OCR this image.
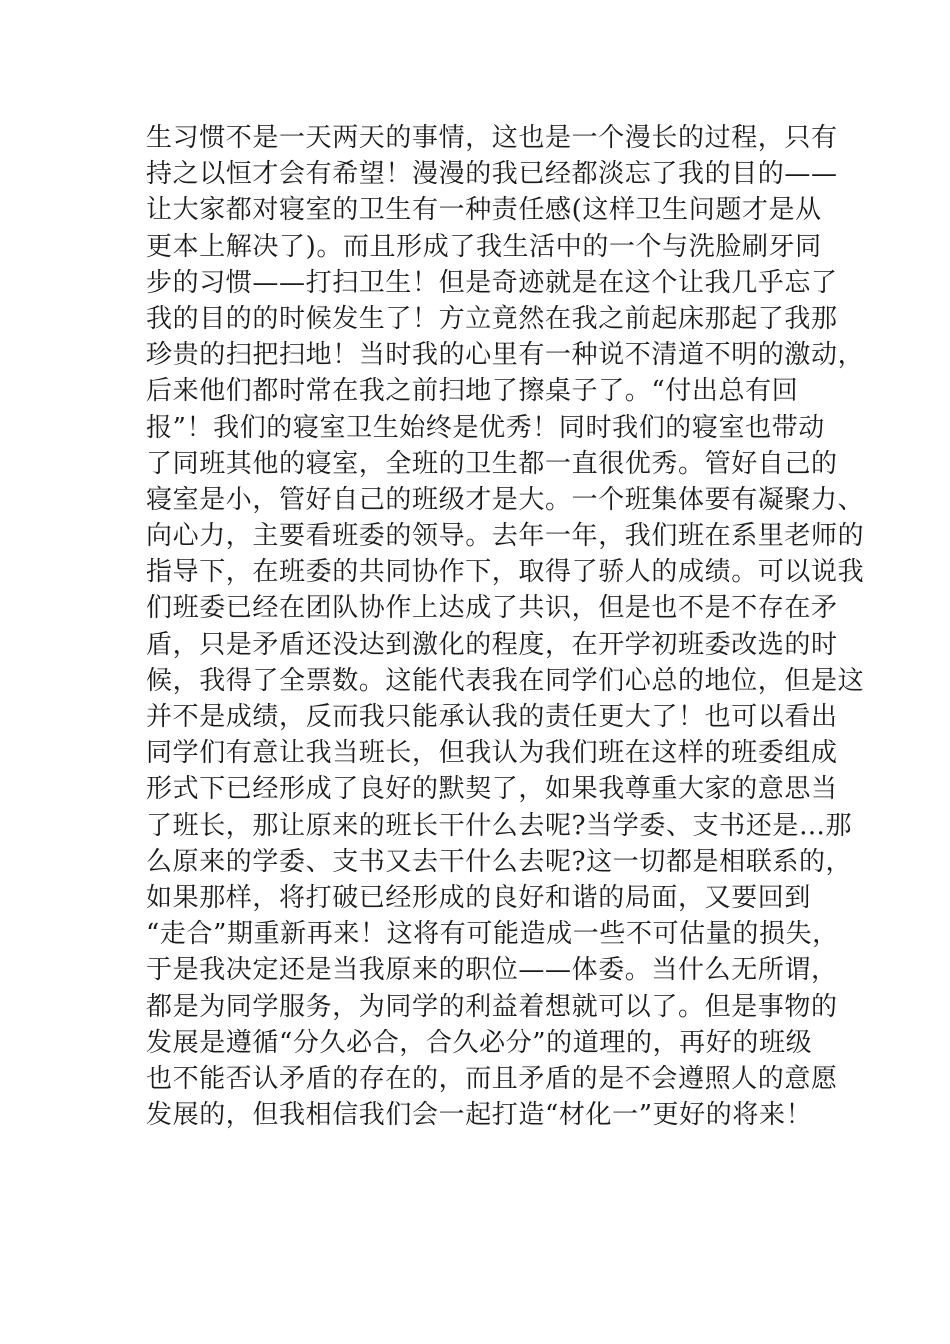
生习惯不是一天两天的事情，这也是一个漫长的过程，只有
持之以恒才会有希望！漫漫的我已经都淡忘了我的目的——
让大家都对寝室的卫生有一种责任感(这样卫生问题才是从
更本上解决了)。而且形成了我生活中的一个与洗脸刷牙同
步的习惯——打扫卫生！但是奇迹就是在这个让我几乎忘了
我的目的的时候发生了！方立竟然在我之前起床那起了我那
珍贵的扫把扫地！当时我的心里有一种说不清道不明的激动，
后来他们都时常在我之前扫地了擦桌子了。“付出总有回
报”！我们的寝室卫生始终是优秀！同时我们的寝室也带动
了同班其他的寝室，全班的卫生都一直很优秀。管好自己的
寝室是小，管好自己的班级才是大。一个班集体要有凝聚力、
向心力，主要看班委的领导。去年一年，我们班在系里老师的
指导下，在班委的共同协作下，取得了骄人的成绩。可以说我
们班委已经在团队协作上达成了共识，但是也不是不存在矛
盾，只是矛盾还没达到激化的程度，在开学初班委改选的时
候，我得了全票数。这能代表我在同学们心总的地位，但是这
并不是成绩，反而我只能承认我的责任更大了！也可以看出
同学们有意让我当班长，但我认为我们班在这样的班委组成
形式下已经形成了良好的默契了，如果我尊重大家的意思当
了班长，那让原来的班长干什么去呢?当学委、支书还是…那
么原来的学委、支书又去干什么去呢?这一切都是相联系的，
如果那样，将打破已经形成的良好和谐的局面，又要回到
“走合”期重新再来！这将有可能造成一些不可估量的损失，
于是我决定还是当我原来的职位——体委。当什么无所谓，
都是为同学服务，为同学的利益着想就可以了。但是事物的
发展是遵循“分久必合，合久必分”的道理的，再好的班级
也不能否认矛盾的存在的，而且矛盾的是不会遵照人的意愿
发展的，但我相信我们会一起打造“材化一”更好的将来！
